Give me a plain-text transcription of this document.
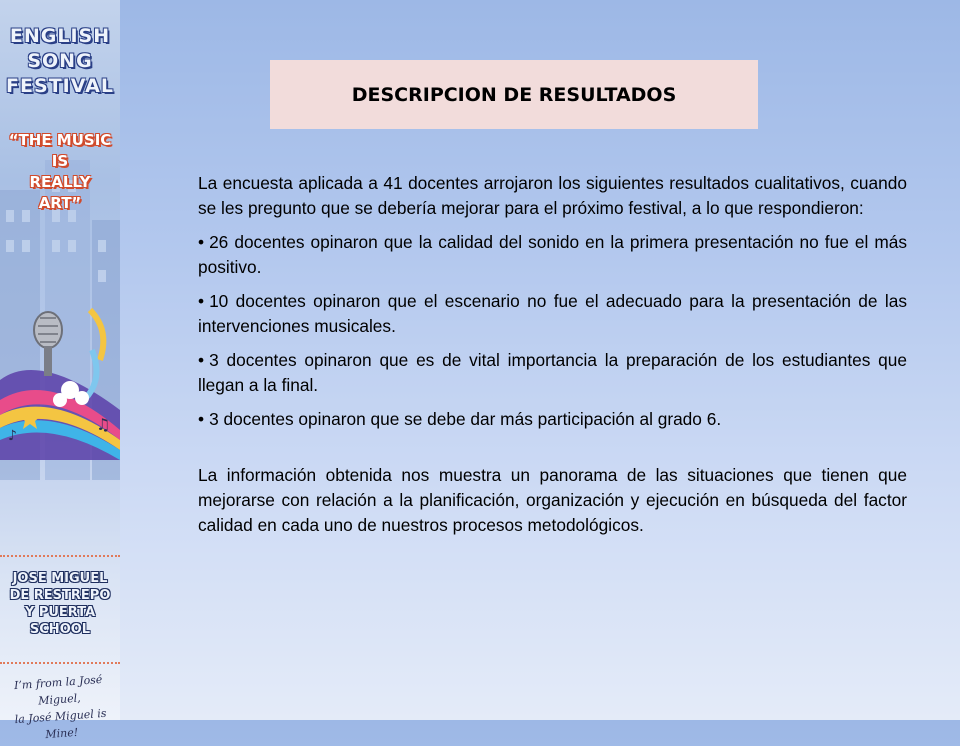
ENGLISH
SONG
FESTIVAL
“THE MUSIC
IS
REALLY
ART”
♫
♪
JOSE MIGUEL
DE RESTREPO
Y PUERTA
SCHOOL
I’m from la José Miguel,
la José Miguel is Mine!
DESCRIPCION DE RESULTADOS

La encuesta aplicada a 41 docentes arrojaron los siguientes resultados cualitativos, cuando se les pregunto que se debería mejorar para el próximo festival, a lo que respondieron:

• 26 docentes opinaron que la calidad del sonido en la primera presentación no fue el más positivo.

• 10 docentes opinaron que el escenario no fue el adecuado para la presentación de las intervenciones musicales.

• 3 docentes opinaron que es de vital importancia la preparación de los estudiantes que llegan a la final.

• 3 docentes opinaron que se debe dar más participación al grado 6.

La información obtenida nos muestra un panorama de las situaciones que tienen que mejorarse con relación a la planificación, organización y ejecución en búsqueda del factor calidad en cada uno de nuestros procesos metodológicos.
